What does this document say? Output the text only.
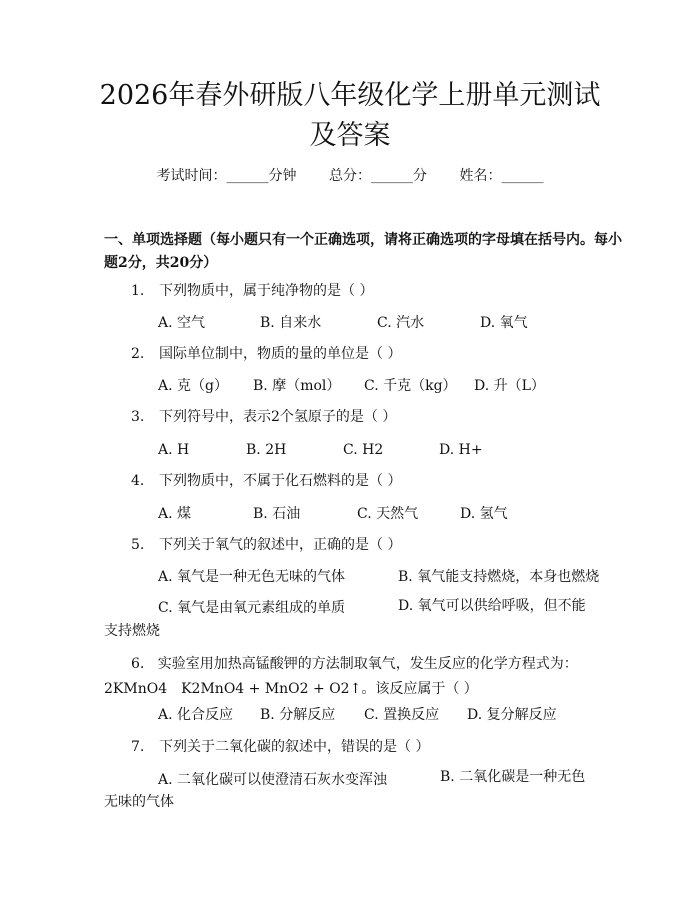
2026年春外研版八年级化学上册单元测试及答案
考试时间：______分钟 总分：______分 姓名：______
一、单项选择题（每小题只有一个正确选项，请将正确选项的字母填在括号内。每小题2分，共20分）
1. 下列物质中，属于纯净物的是（ ）
A. 空气	B. 自来水	C. 汽水	D. 氧气
2. 国际单位制中，物质的量的单位是（ ）
A. 克（g） B. 摩（mol） C. 千克（kg） D. 升（L）
3. 下列符号中，表示2个氢原子的是（ ）
A. H	B. 2H	C. H2	D. H+
4. 下列物质中，不属于化石燃料的是（ ）
A. 煤	B. 石油	C. 天然气	D. 氢气
5. 下列关于氧气的叙述中，正确的是（ ）
A. 氧气是一种无色无味的气体	B. 氧气能支持燃烧，本身也燃烧
C. 氧气是由氧元素组成的单质	D. 氧气可以供给呼吸，但不能支持燃烧
6. 实验室用加热高锰酸钾的方法制取氧气，发生反应的化学方程式为：2KMnO4　K2MnO4 + MnO2 + O2↑。该反应属于（ ）
A. 化合反应 B. 分解反应 C. 置换反应 D. 复分解反应
7. 下列关于二氧化碳的叙述中，错误的是（ ）
A. 二氧化碳可以使澄清石灰水变浑浊	B. 二氧化碳是一种无色无味的气体
